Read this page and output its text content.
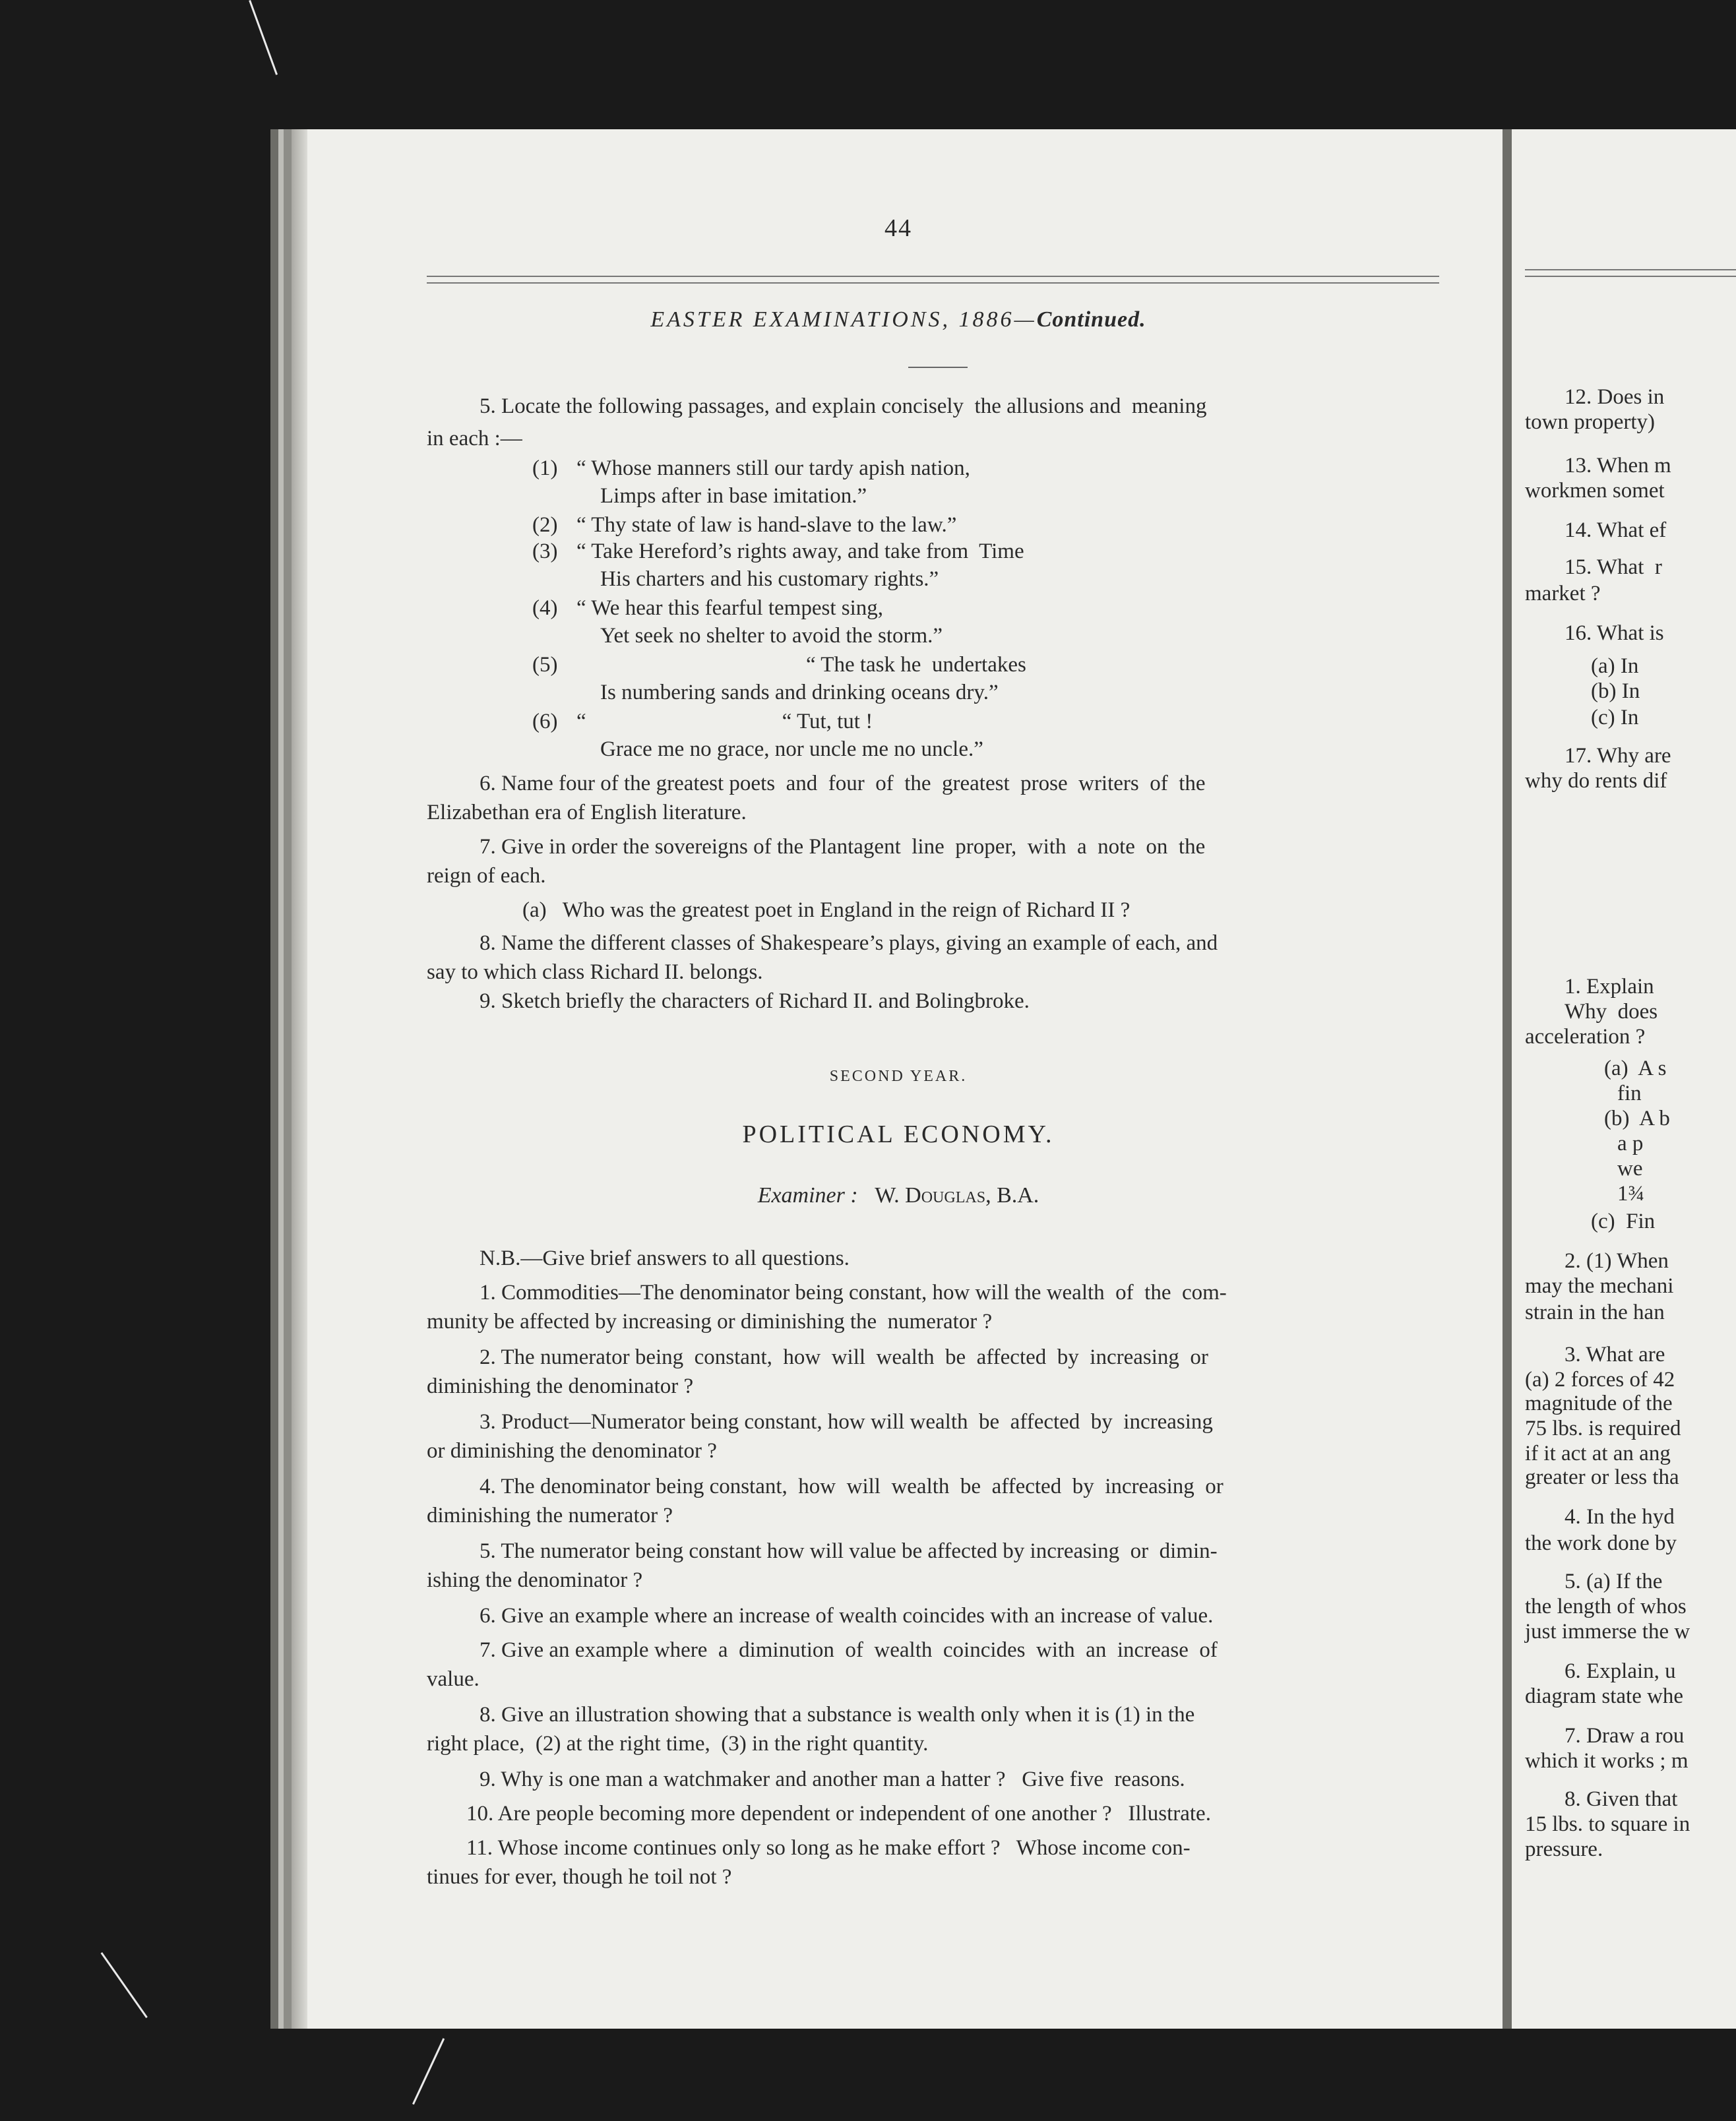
44
EASTER EXAMINATIONS, 1886—Continued.
5. Locate the following passages, and explain concisely  the allusions and  meaning
in each :—
(1) “ Whose manners still our tardy apish nation,
Limps after in base imitation.”
(2) “ Thy state of law is hand-slave to the law.”
(3) “ Take Hereford’s rights away, and take from  Time
His charters and his customary rights.”
(4) “ We hear this fearful tempest sing,
Yet seek no shelter to avoid the storm.”
(5)	“ The task he  undertakes
Is numbering sands and drinking oceans dry.”
(6) “                                    “ Tut, tut !
Grace me no grace, nor uncle me no uncle.”
6. Name four of the greatest poets  and  four  of  the  greatest  prose  writers  of  the
Elizabethan era of English literature.
7. Give in order the sovereigns of the Plantagent  line  proper,  with  a  note  on  the
reign of each.
(a)   Who was the greatest poet in England in the reign of Richard II ?
8. Name the different classes of Shakespeare’s plays, giving an example of each, and
say to which class Richard II. belongs.
9. Sketch briefly the characters of Richard II. and Bolingbroke.
SECOND YEAR.
POLITICAL ECONOMY.
Examiner : W. Douglas, B.A.
N.B.—Give brief answers to all questions.
1. Commodities—The denominator being constant, how will the wealth  of  the  com-
munity be affected by increasing or diminishing the  numerator ?
2. The numerator being  constant,  how  will  wealth  be  affected  by  increasing  or
diminishing the denominator ?
3. Product—Numerator being constant, how will wealth  be  affected  by  increasing
or diminishing the denominator ?
4. The denominator being constant,  how  will  wealth  be  affected  by  increasing  or
diminishing the numerator ?
5. The numerator being constant how will value be affected by increasing  or  dimin-
ishing the denominator ?
6. Give an example where an increase of wealth coincides with an increase of value.
7. Give an example where  a  diminution  of  wealth  coincides  with  an  increase  of
value.
8. Give an illustration showing that a substance is wealth only when it is (1) in the
right place,  (2) at the right time,  (3) in the right quantity.
9. Why is one man a watchmaker and another man a hatter ?   Give five  reasons.
10. Are people becoming more dependent or independent of one another ?   Illustrate.
11. Whose income continues only so long as he make effort ?   Whose income con-
tinues for ever, though he toil not ?
12. Does in
town property)
13. When m
workmen somet
14. What ef
15. What  r
market ?
16. What is
(a) In
(b) In
(c) In
17. Why are
why do rents dif
1. Explain
Why  does
acceleration ?
(a)  A s
fin
(b)  A b
a p
we
1¾
(c)  Fin
2. (1) When
may the mechani
strain in the han
3. What are
(a) 2 forces of 42
magnitude of the
75 lbs. is required
if it act at an ang
greater or less tha
4. In the hyd
the work done by
5. (a) If the
the length of whos
just immerse the w
6. Explain, u
diagram state whe
7. Draw a rou
which it works ; m
8. Given that
15 lbs. to square in
pressure.
